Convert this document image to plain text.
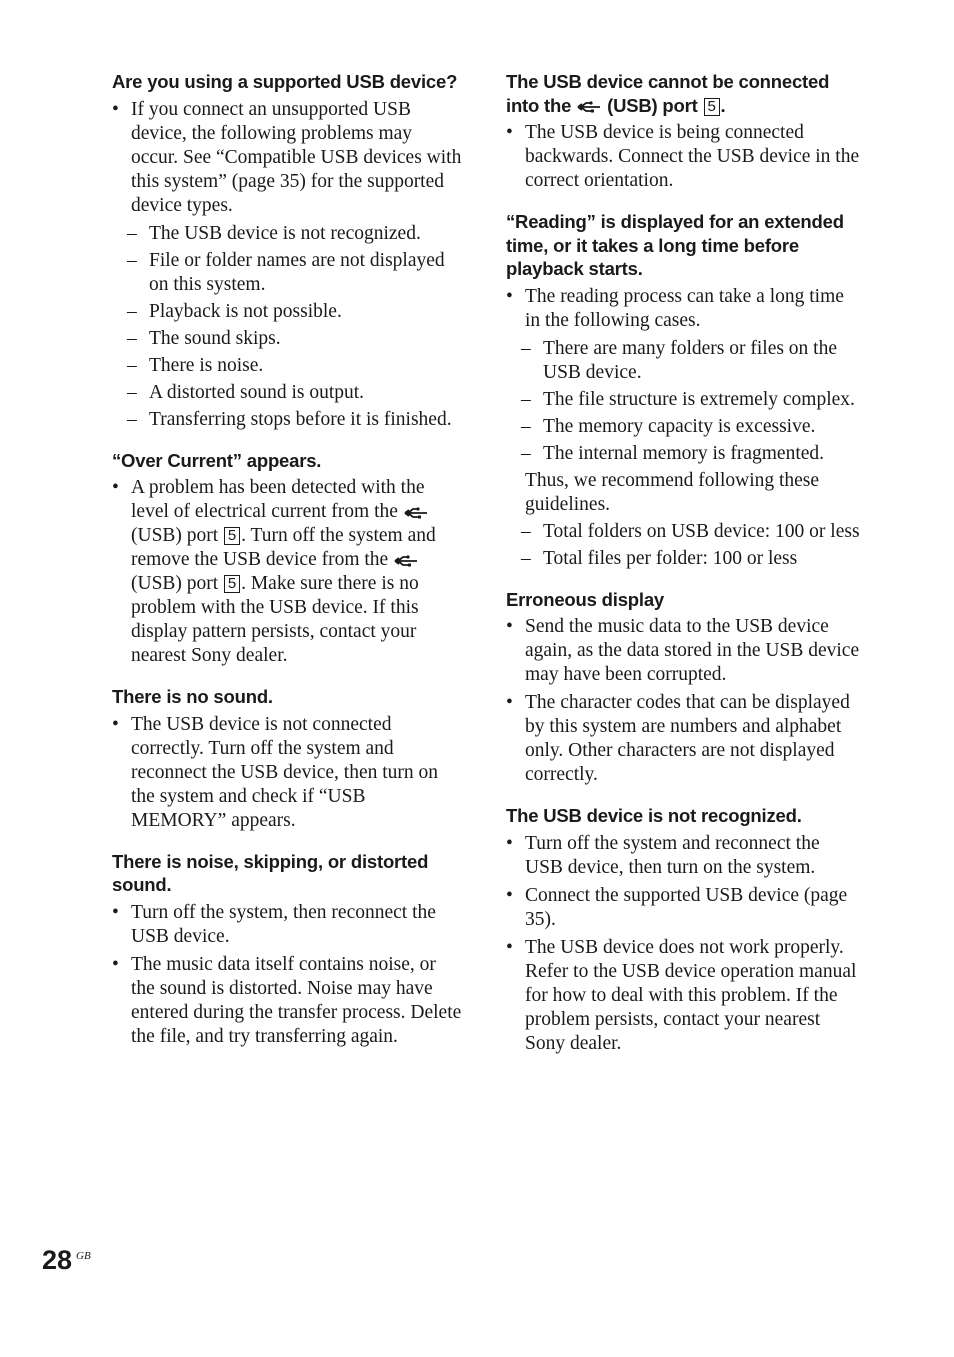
Are you using a supported USB device?
• If you connect an unsupported USB device, the following problems may occur. See “Compatible USB devices with this system” (page 35) for the supported device types.
– The USB device is not recognized.
– File or folder names are not displayed on this system.
– Playback is not possible.
– The sound skips.
– There is noise.
– A distorted sound is output.
– Transferring stops before it is finished.
“Over Current” appears.
• A problem has been detected with the level of electrical current from the  (USB) port 5 . Turn off the system and remove the USB device from the  (USB) port 5 . Make sure there is no problem with the USB device. If this display pattern persists, contact your nearest Sony dealer.
There is no sound.
• The USB device is not connected correctly. Turn off the system and reconnect the USB device, then turn on the system and check if “USB MEMORY” appears.
There is noise, skipping, or distorted sound.
• Turn off the system, then reconnect the USB device.
• The music data itself contains noise, or the sound is distorted. Noise may have entered during the transfer process. Delete the file, and try transferring again.
The USB device cannot be connected into the (USB) port 5 .
• The USB device is being connected backwards. Connect the USB device in the correct orientation.
“Reading” is displayed for an extended time, or it takes a long time before playback starts.
• The reading process can take a long time in the following cases.
– There are many folders or files on the USB device.
– The file structure is extremely complex.
– The memory capacity is excessive.
– The internal memory is fragmented.
Thus, we recommend following these guidelines.
– Total folders on USB device: 100 or less
– Total files per folder: 100 or less
Erroneous display
• Send the music data to the USB device again, as the data stored in the USB device may have been corrupted.
• The character codes that can be displayed by this system are numbers and alphabet only. Other characters are not displayed correctly.
The USB device is not recognized.
• Turn off the system and reconnect the USB device, then turn on the system.
• Connect the supported USB device (page 35).
• The USB device does not work properly. Refer to the USB device operation manual for how to deal with this problem. If the problem persists, contact your nearest Sony dealer.
28 GB
